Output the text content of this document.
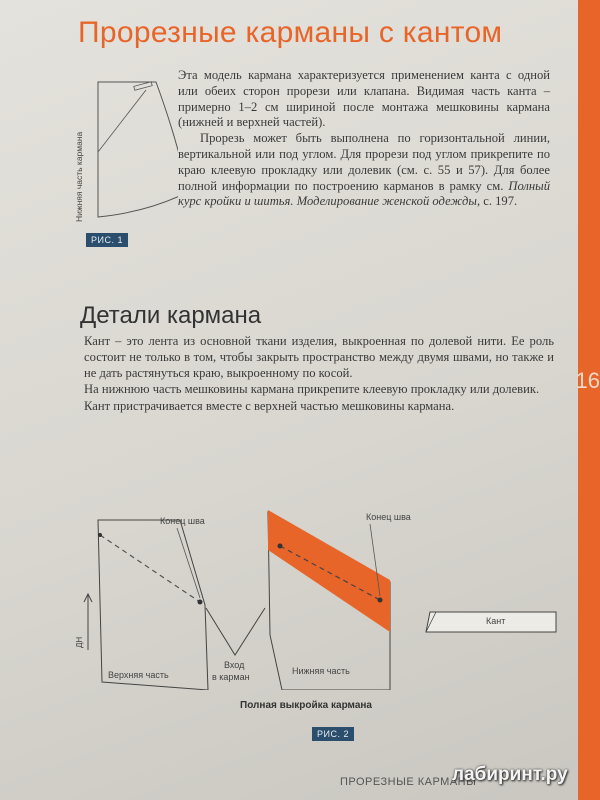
16
Прорезные карманы с кантом
Нижняя часть кармана
РИС. 1

Эта модель кармана характеризуется применением канта с одной или обеих сторон прорези или клапана. Видимая часть канта – примерно 1–2 см шириной после монтажа мешковины кармана (нижней и верхней частей).

Прорезь может быть выполнена по горизонтальной линии, вертикальной или под углом. Для прорези под углом прикрепите по краю клеевую прокладку или долевик (см. с. 55 и 57). Для более полной информации по построению карманов в рамку см. Полный курс кройки и шитья. Моделирование женской одежды, с. 197.

Детали кармана

Кант – это лента из основной ткани изделия, выкроенная по долевой нити. Ее роль состоит не только в том, чтобы закрыть пространство между двумя швами, но также и не дать растянуться краю, выкроенному по косой.

На нижнюю часть мешковины кармана прикрепите клеевую прокладку или долевик.

Кант пристрачивается вместе с верхней частью мешковины кармана.

Конец шва
ДН
Верхняя часть
Вход
в карман
Конец шва
Нижняя часть
Кант
Полная выкройка кармана
РИС. 2
ПРОРЕЗНЫЕ КАРМАНЫ
лабиринт.ру
